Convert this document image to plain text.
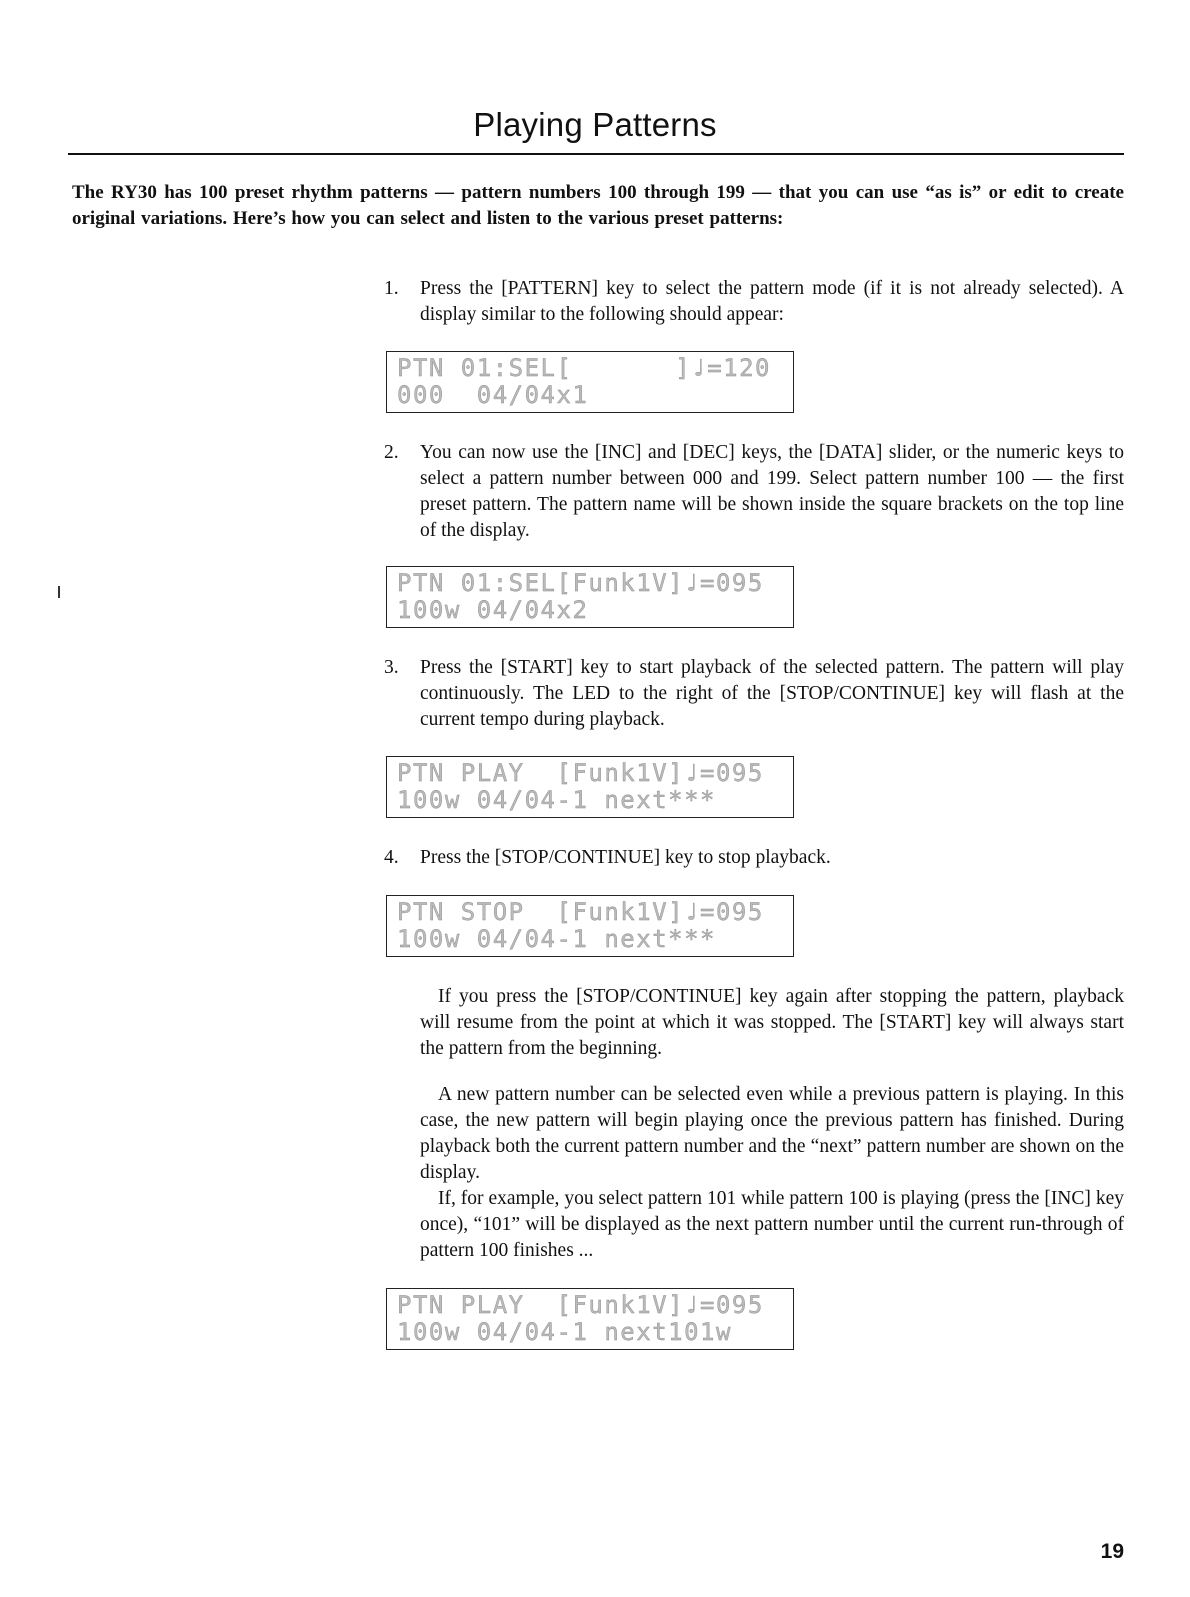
Playing Patterns
The RY30 has 100 preset rhythm patterns — pattern numbers 100 through 199 — that you can use “as is” or edit to create original variations. Here’s how you can select and listen to the various preset patterns:
1. Press the [PATTERN] key to select the pattern mode (if it is not already selected). A display similar to the following should appear:
PTN 01:SEL[	]♩=120
000  04/04x1
2. You can now use the [INC] and [DEC] keys, the [DATA] slider, or the numeric keys to select a pattern number between 000 and 199. Select pattern number 100 — the first preset pattern. The pattern name will be shown inside the square brackets on the top line of the display.
PTN 01:SEL[Funk1V]♩=095
100w 04/04x2
3. Press the [START] key to start playback of the selected pattern. The pattern will play continuously. The LED to the right of the [STOP/CONTINUE] key will flash at the current tempo during playback.
PTN PLAY  [Funk1V]♩=095
100w 04/04-1 next***
4. Press the [STOP/CONTINUE] key to stop playback.
PTN STOP  [Funk1V]♩=095
100w 04/04-1 next***

If you press the [STOP/CONTINUE] key again after stopping the pattern, playback will resume from the point at which it was stopped. The [START] key will always start the pattern from the beginning.

A new pattern number can be selected even while a previous pattern is playing. In this case, the new pattern will begin playing once the previous pattern has finished. During playback both the current pattern number and the “next” pattern number are shown on the display.

If, for example, you select pattern 101 while pattern 100 is playing (press the [INC] key once), “101” will be displayed as the next pattern number until the current run-through of pattern 100 finishes ...

PTN PLAY  [Funk1V]♩=095
100w 04/04-1 next101w
19
